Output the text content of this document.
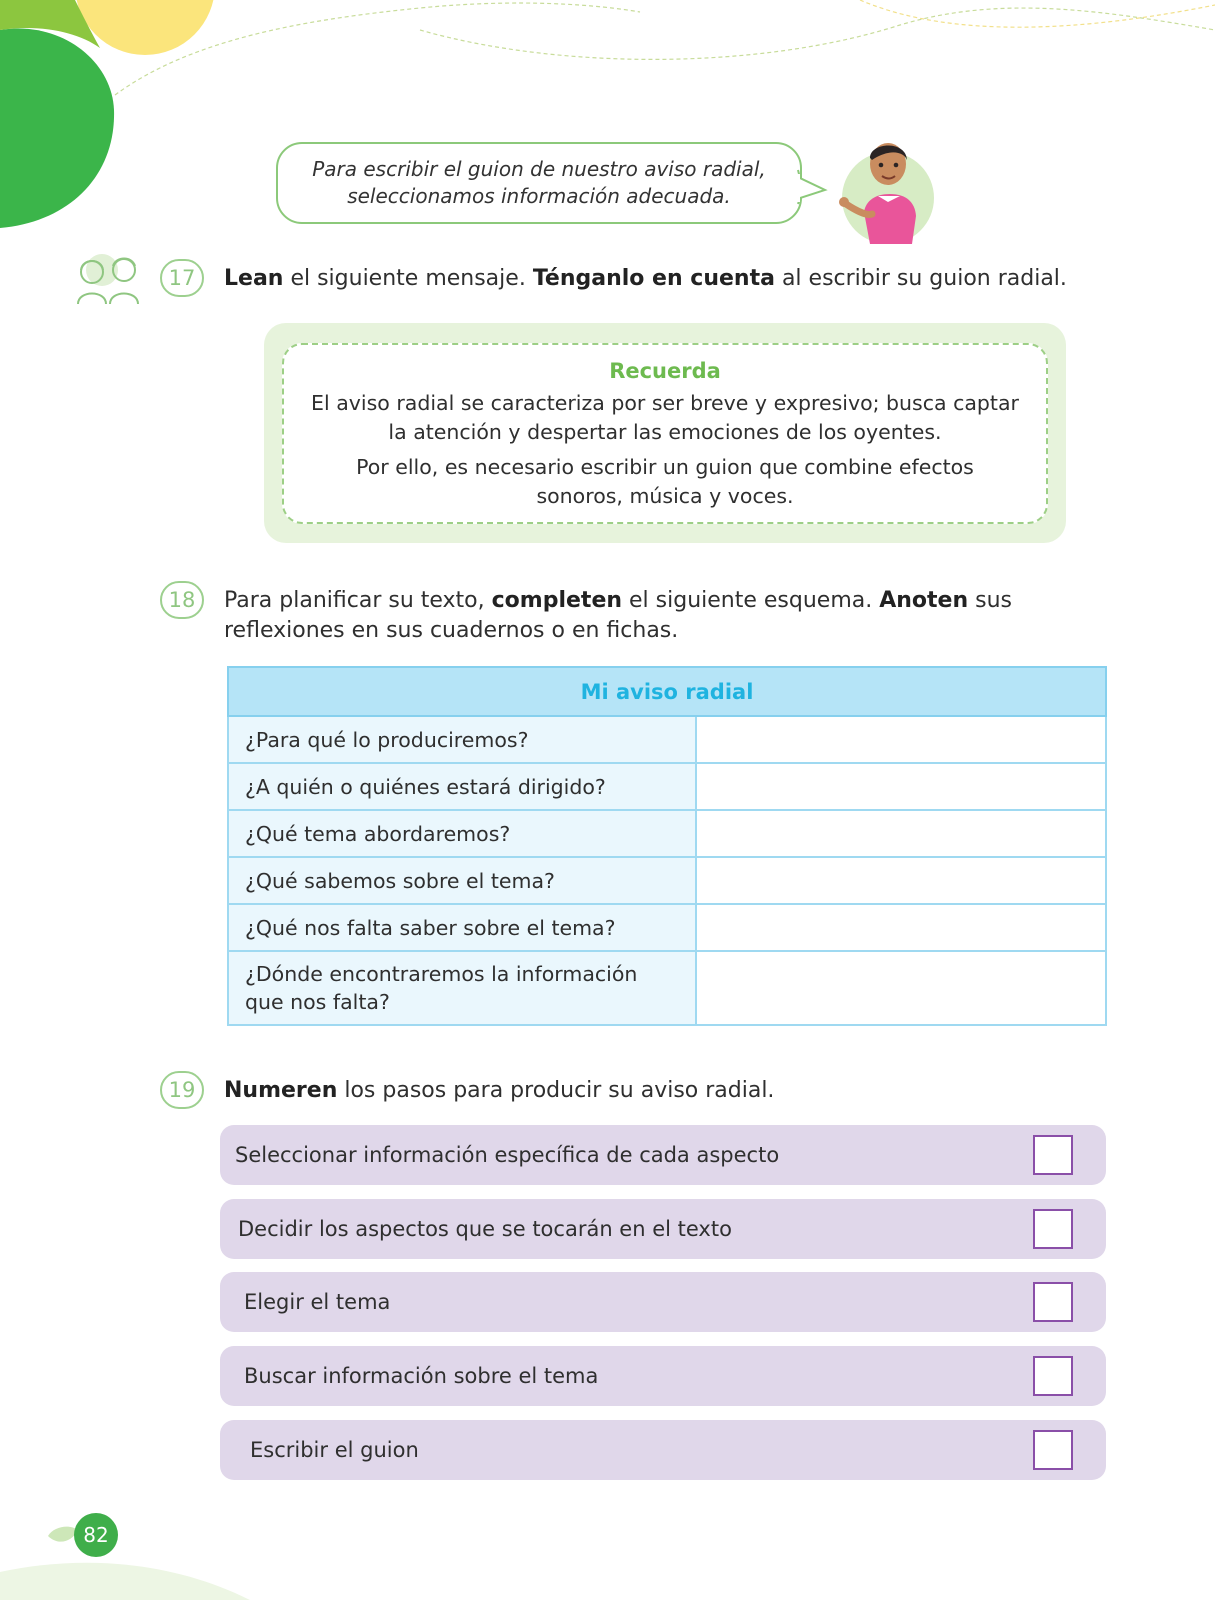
Para escribir el guion de nuestro aviso radial,
seleccionamos información adecuada.
17	Lean el siguiente mensaje. Ténganlo en cuenta al escribir su guion radial.
Recuerda
El aviso radial se caracteriza por ser breve y expresivo; busca captar
la atención y despertar las emociones de los oyentes.
Por ello, es necesario escribir un guion que combine efectos
sonoros, música y voces.
18	Para planificar su texto, completen el siguiente esquema. Anoten sus reflexiones en sus cuadernos o en fichas.
Mi aviso radial	
¿Para qué lo produciremos?	
¿A quién o quiénes estará dirigido?	
¿Qué tema abordaremos?	
¿Qué sabemos sobre el tema?	
¿Qué nos falta saber sobre el tema?	
¿Dónde encontraremos la información
que nos falta?	
19	Numeren los pasos para producir su aviso radial.
Seleccionar información específica de cada aspecto
Decidir los aspectos que se tocarán en el texto
Elegir el tema
Buscar información sobre el tema
Escribir el guion
82
